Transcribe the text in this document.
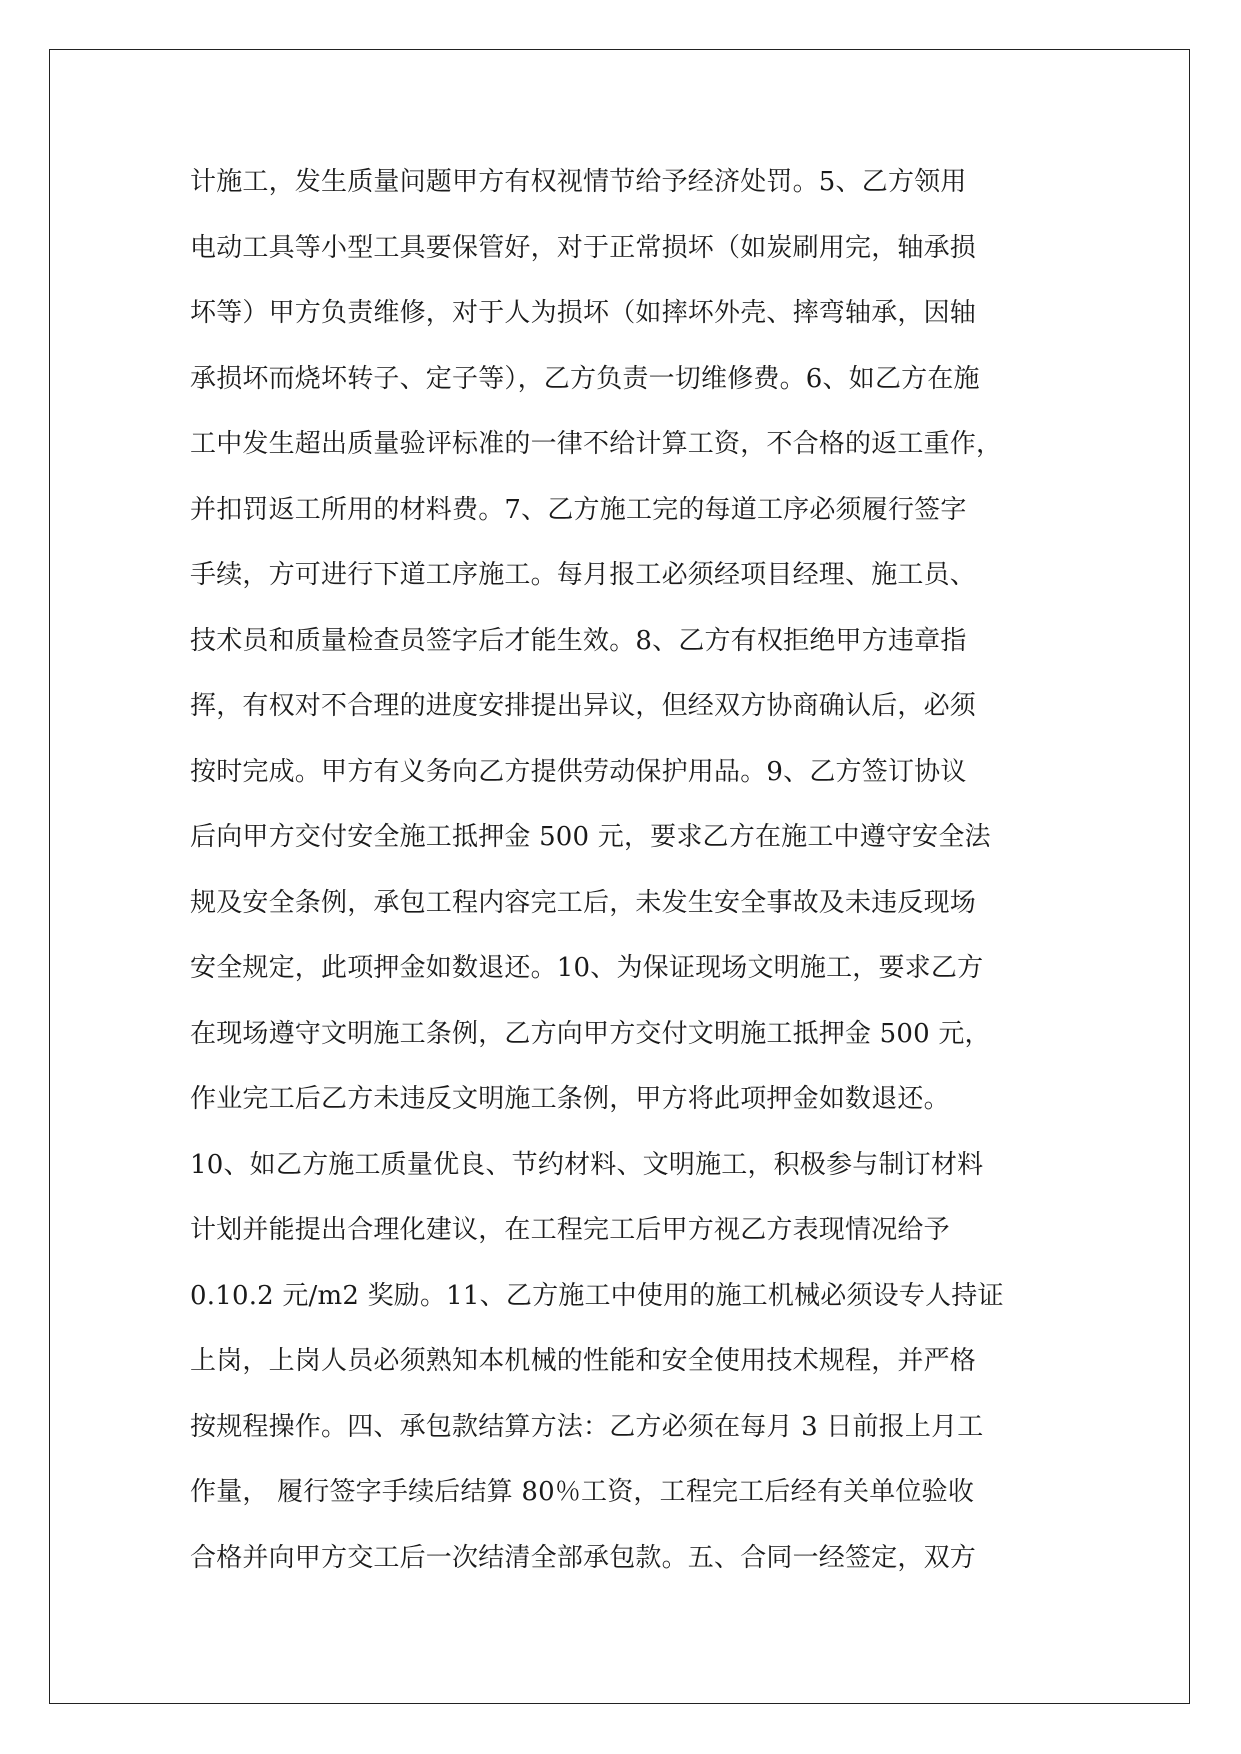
计施工，发生质量问题甲方有权视情节给予经济处罚。5、乙方领用
电动工具等小型工具要保管好，对于正常损坏（如炭刷用完，轴承损
坏等）甲方负责维修，对于人为损坏（如摔坏外壳、摔弯轴承，因轴
承损坏而烧坏转子、定子等），乙方负责一切维修费。6、如乙方在施
工中发生超出质量验评标准的一律不给计算工资，不合格的返工重作，
并扣罚返工所用的材料费。7、乙方施工完的每道工序必须履行签字
手续，方可进行下道工序施工。每月报工必须经项目经理、施工员、
技术员和质量检查员签字后才能生效。8、乙方有权拒绝甲方违章指
挥，有权对不合理的进度安排提出异议，但经双方协商确认后，必须
按时完成。甲方有义务向乙方提供劳动保护用品。9、乙方签订协议
后向甲方交付安全施工抵押金 500 元，要求乙方在施工中遵守安全法
规及安全条例，承包工程内容完工后，未发生安全事故及未违反现场
安全规定，此项押金如数退还。10、为保证现场文明施工，要求乙方
在现场遵守文明施工条例，乙方向甲方交付文明施工抵押金 500 元，
作业完工后乙方未违反文明施工条例，甲方将此项押金如数退还。
10、如乙方施工质量优良、节约材料、文明施工，积极参与制订材料
计划并能提出合理化建议，在工程完工后甲方视乙方表现情况给予
0.10.2 元/m2 奖励。11、乙方施工中使用的施工机械必须设专人持证
上岗，上岗人员必须熟知本机械的性能和安全使用技术规程，并严格
按规程操作。四、承包款结算方法：乙方必须在每月 3 日前报上月工
作量， 履行签字手续后结算 80％工资，工程完工后经有关单位验收
合格并向甲方交工后一次结清全部承包款。五、合同一经签定，双方
